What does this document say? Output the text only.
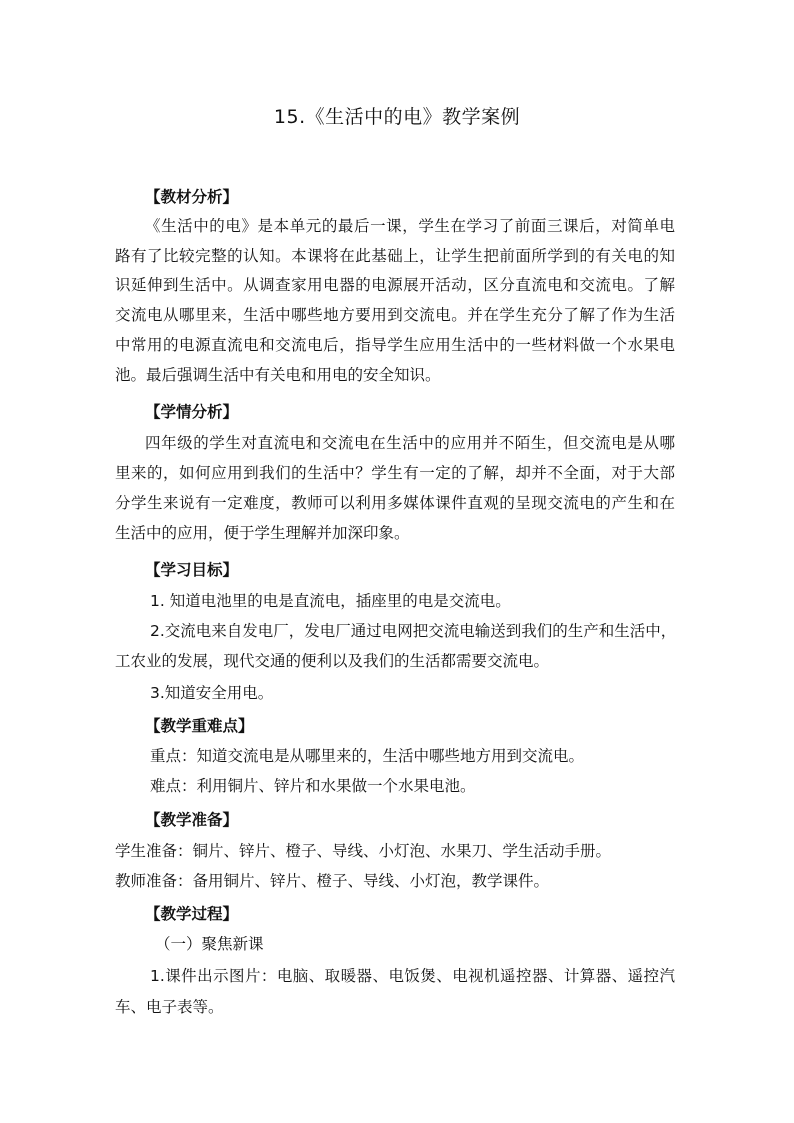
15.《生活中的电》教学案例
【教材分析】
《生活中的电》是本单元的最后一课，学生在学习了前面三课后，对简单电
路有了比较完整的认知。本课将在此基础上，让学生把前面所学到的有关电的知
识延伸到生活中。从调查家用电器的电源展开活动，区分直流电和交流电。了解
交流电从哪里来，生活中哪些地方要用到交流电。并在学生充分了解了作为生活
中常用的电源直流电和交流电后，指导学生应用生活中的一些材料做一个水果电
池。最后强调生活中有关电和用电的安全知识。
【学情分析】
四年级的学生对直流电和交流电在生活中的应用并不陌生，但交流电是从哪
里来的，如何应用到我们的生活中？学生有一定的了解，却并不全面，对于大部
分学生来说有一定难度，教师可以利用多媒体课件直观的呈现交流电的产生和在
生活中的应用，便于学生理解并加深印象。
【学习目标】
1. 知道电池里的电是直流电，插座里的电是交流电。
2.交流电来自发电厂，发电厂通过电网把交流电输送到我们的生产和生活中，
工农业的发展，现代交通的便利以及我们的生活都需要交流电。
3.知道安全用电。
【教学重难点】
重点：知道交流电是从哪里来的，生活中哪些地方用到交流电。
难点：利用铜片、锌片和水果做一个水果电池。
【教学准备】
学生准备：铜片、锌片、橙子、导线、小灯泡、水果刀、学生活动手册。
教师准备：备用铜片、锌片、橙子、导线、小灯泡，教学课件。
【教学过程】
（一）聚焦新课
1.课件出示图片：电脑、取暖器、电饭煲、电视机遥控器、计算器、遥控汽
车、电子表等。
